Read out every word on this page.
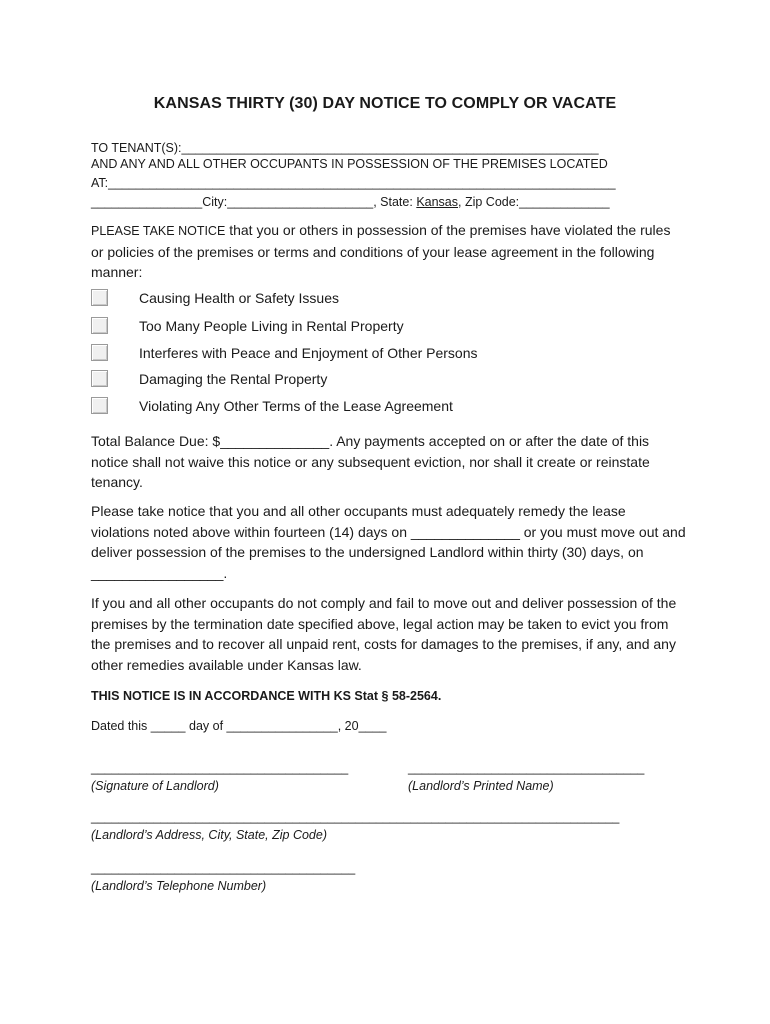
KANSAS THIRTY (30) DAY NOTICE TO COMPLY OR VACATE
TO TENANT(S):____________________________________________________________
AND ANY AND ALL OTHER OCCUPANTS IN POSSESSION OF THE PREMISES LOCATED
AT:_________________________________________________________________________
________________City:_____________________, State: Kansas, Zip Code:_____________

PLEASE TAKE NOTICE that you or others in possession of the premises have violated the rules or policies of the premises or terms and conditions of your lease agreement in the following manner:

Causing Health or Safety Issues
Too Many People Living in Rental Property
Interferes with Peace and Enjoyment of Other Persons
Damaging the Rental Property
Violating Any Other Terms of the Lease Agreement

Total Balance Due: $______________. Any payments accepted on or after the date of this notice shall not waive this notice or any subsequent eviction, nor shall it create or reinstate tenancy.

Please take notice that you and all other occupants must adequately remedy the lease violations noted above within fourteen (14) days on ______________ or you must move out and deliver possession of the premises to the undersigned Landlord within thirty (30) days, on _________________.

If you and all other occupants do not comply and fail to move out and deliver possession of the premises by the termination date specified above, legal action may be taken to evict you from the premises and to recover all unpaid rent, costs for damages to the premises, if any, and any other remedies available under Kansas law.

THIS NOTICE IS IN ACCORDANCE WITH KS Stat § 58-2564.
Dated this _____ day of ________________, 20____
_____________________________________
(Signature of Landlord)
__________________________________
(Landlord’s Printed Name)
____________________________________________________________________________
(Landlord’s Address, City, State, Zip Code)
______________________________________
(Landlord’s Telephone Number)
